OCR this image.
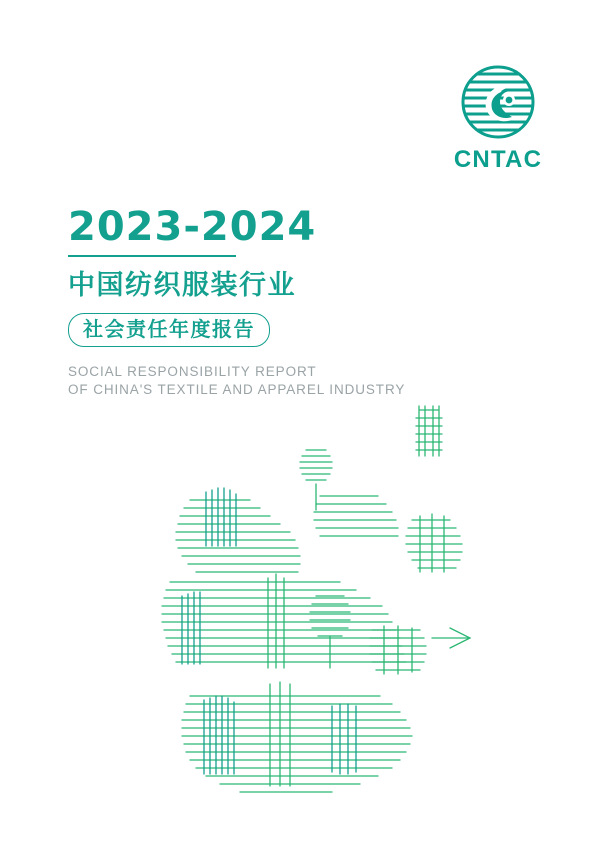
CNTAC
2023-2024
中国纺织服装行业
社会责任年度报告
SOCIAL RESPONSIBILITY REPORT
OF CHINA'S TEXTILE AND APPAREL INDUSTRY
